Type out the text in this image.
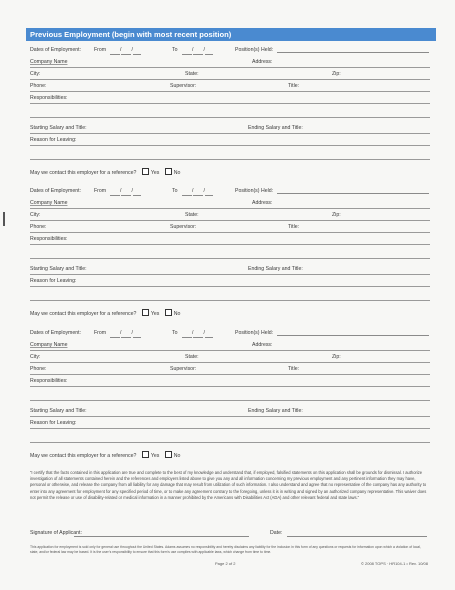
Previous Employment (begin with most recent position)
Dates of Employment: From	/ /	To	/ /	Position(s) Held:
Company Name	Address:
City:	State:	Zip:
Phone:	Supervisor:	Title:
Responsibilities:
Starting Salary and Title:	Ending Salary and Title:
Reason for Leaving:
May we contact this employer for a reference?	Yes	No
Dates of Employment: From	/ /	To	/ /	Position(s) Held:
Company Name	Address:
City:	State:	Zip:
Phone:	Supervisor:	Title:
Responsibilities:
Starting Salary and Title:	Ending Salary and Title:
Reason for Leaving:
May we contact this employer for a reference?	Yes	No
Dates of Employment: From	/ /	To	/ /	Position(s) Held:
Company Name	Address:
City:	State:	Zip:
Phone:	Supervisor:	Title:
Responsibilities:
Starting Salary and Title:	Ending Salary and Title:
Reason for Leaving:
May we contact this employer for a reference?	Yes	No
“I certify that the facts contained in this application are true and complete to the best of my knowledge and understand that, if employed, falsified statements on this application shall be grounds for dismissal. I authorize investigation of all statements contained herein and the references and employers listed above to give you any and all information concerning my previous employment and any pertinent information they may have, personal or otherwise, and release the company from all liability for any damage that may result from utilization of such information. I also understand and agree that no representative of the company has any authority to enter into any agreement for employment for any specified period of time, or to make any agreement contrary to the foregoing, unless it is in writing and signed by an authorized company representative. This waiver does not permit the release or use of disability-related or medical information in a manner prohibited by the Americans with Disabilities Act (ADA) and other relevant federal and state laws.”
Signature of Applicant:	Date:
This application for employment is sold only for general use throughout the United States. Adams assumes no responsibility and hereby disclaims any liability for the inclusion in this form of any questions or requests for information upon which a violation of local, state, and/or federal law may be based. It is the user’s responsibility to ensure that this form’s use complies with applicable laws, which change from time to time.
Page 2 of 2	© 2008 TOPS · HR104-1 • Rev. 10/08
